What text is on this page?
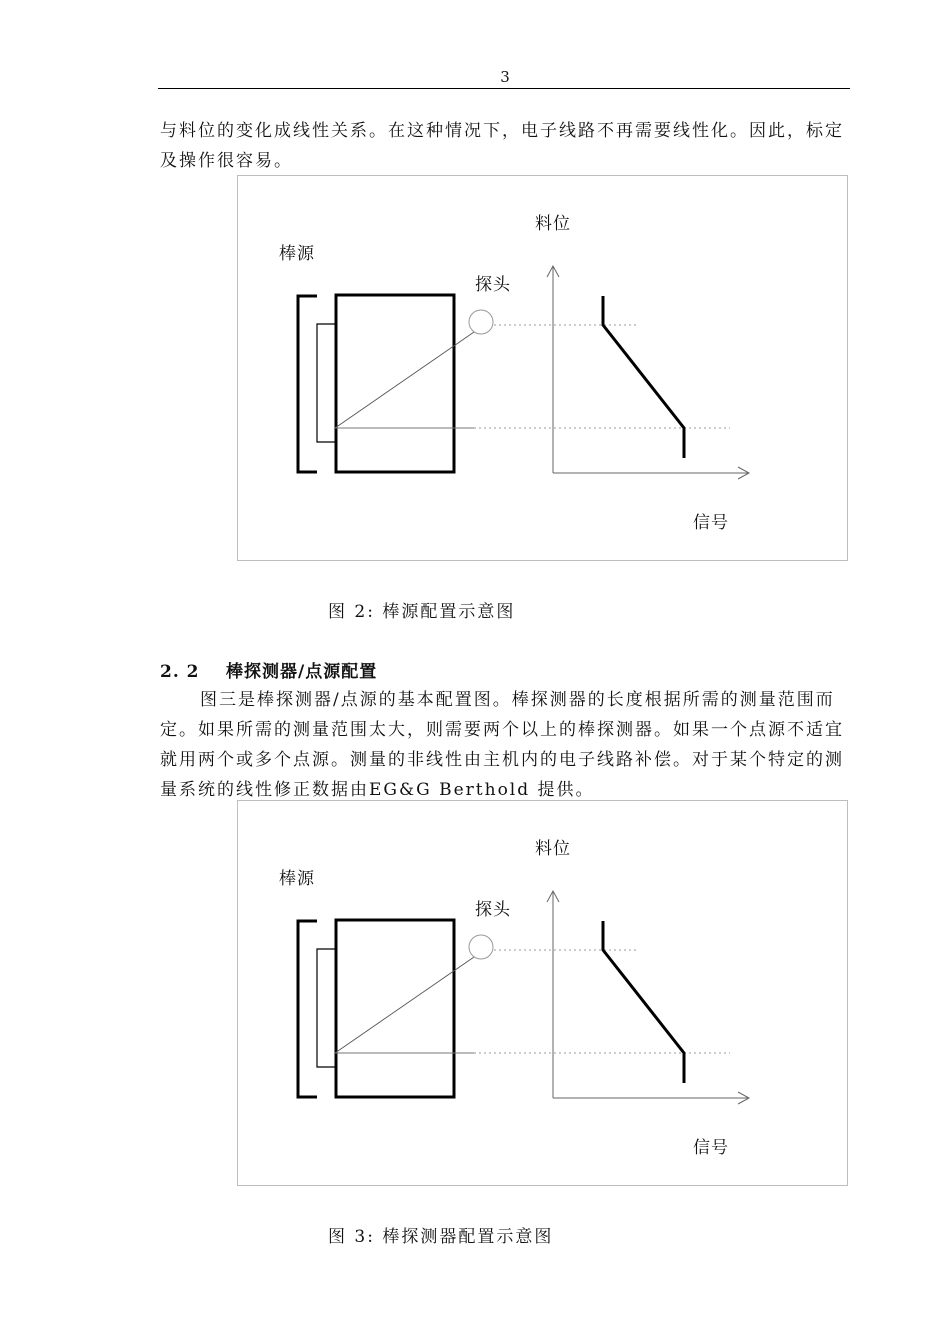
3
与料位的变化成线性关系。在这种情况下，电子线路不再需要线性化。因此，标定
及操作很容易。
料位
棒源
探头
信号
图 2: 棒源配置示意图
2. 2 棒探测器/点源配置
图三是棒探测器/点源的基本配置图。棒探测器的长度根据所需的测量范围而
定。如果所需的测量范围太大，则需要两个以上的棒探测器。如果一个点源不适宜
就用两个或多个点源。测量的非线性由主机内的电子线路补偿。对于某个特定的测
量系统的线性修正数据由EG&G Berthold 提供。
料位
棒源
探头
信号
图 3: 棒探测器配置示意图
